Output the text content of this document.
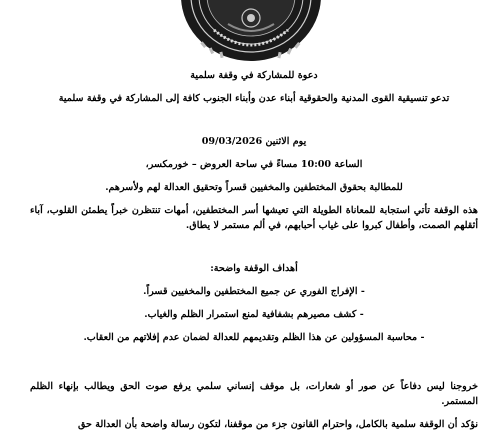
دعوة للمشاركة في وقفة سلمية

تدعو تنسيقية القوى المدنية والحقوقية أبناء عدن وأبناء الجنوب كافة إلى المشاركة في وقفة سلمية

يوم الاثنين 09/03/2026

الساعة 10:00 مساءً في ساحة العروض – خورمكسر،

للمطالبة بحقوق المختطفين والمخفيين قسراً وتحقيق العدالة لهم ولأسرهم.

هذه الوقفة تأتي استجابة للمعاناة الطويلة التي تعيشها أسر المختطفين، أمهات تنتظرن خبراً يطمئن القلوب، آباء أثقلهم الصمت، وأطفال كبروا على غياب أحبابهم، في ألم مستمر لا يطاق.

أهداف الوقفة واضحة:

- الإفراج الفوري عن جميع المختطفين والمخفيين قسراً.

- كشف مصيرهم بشفافية لمنع استمرار الظلم والغياب.

- محاسبة المسؤولين عن هذا الظلم وتقديمهم للعدالة لضمان عدم إفلاتهم من العقاب.

خروجنا ليس دفاعاً عن صور أو شعارات، بل موقف إنساني سلمي يرفع صوت الحق ويطالب بإنهاء الظلم المستمر.

نؤكد أن الوقفة سلمية بالكامل، واحترام القانون جزء من موقفنا، لتكون رسالة واضحة بأن العدالة حق
